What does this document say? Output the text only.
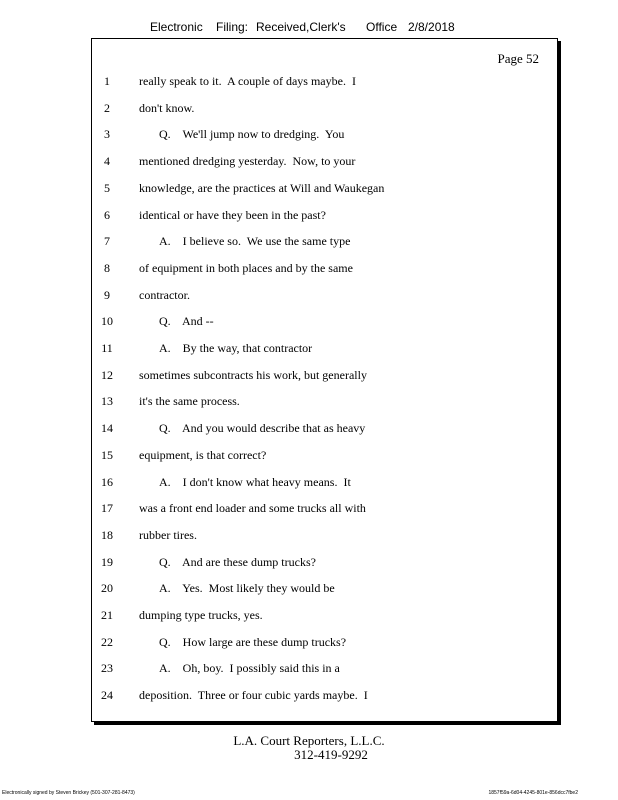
Electronic Filing: Received,Clerk's Office 2/8/2018
Page 52
1	really speak to it.  A couple of days maybe.  I
2	don't know.
3	Q.    We'll jump now to dredging.  You
4	mentioned dredging yesterday.  Now, to your
5	knowledge, are the practices at Will and Waukegan
6	identical or have they been in the past?
7	A.    I believe so.  We use the same type
8	of equipment in both places and by the same
9	contractor.
10	Q.    And --
11	A.    By the way, that contractor
12	sometimes subcontracts his work, but generally
13	it's the same process.
14	Q.    And you would describe that as heavy
15	equipment, is that correct?
16	A.    I don't know what heavy means.  It
17	was a front end loader and some trucks all with
18	rubber tires.
19	Q.    And are these dump trucks?
20	A.    Yes.  Most likely they would be
21	dumping type trucks, yes.
22	Q.    How large are these dump trucks?
23	A.    Oh, boy.  I possibly said this in a
24	deposition.  Three or four cubic yards maybe.  I
L.A. Court Reporters, L.L.C.
312-419-9292
Electronically signed by Steven Brickey (501-307-281-8473)	1857f59a-6d04-4245-801e-856dcc7fbe2
